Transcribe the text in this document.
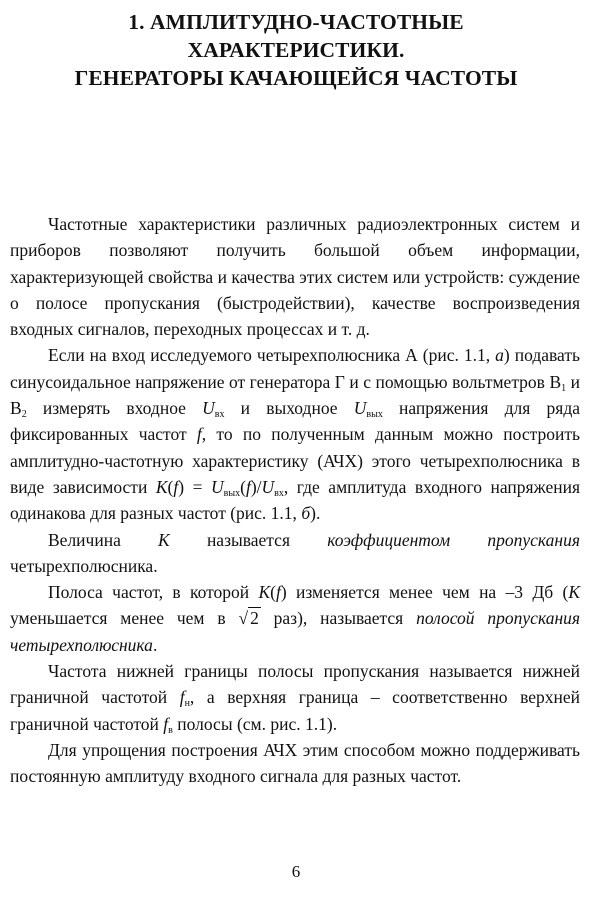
1. АМПЛИТУДНО-ЧАСТОТНЫЕ
ХАРАКТЕРИСТИКИ.
ГЕНЕРАТОРЫ КАЧАЮЩЕЙСЯ ЧАСТОТЫ

Частотные характеристики различных радиоэлектронных систем и приборов позволяют получить большой объем информации, характеризующей свойства и качества этих систем или устройств: суждение о полосе пропускания (быстродействии), качестве воспроизведения входных сигналов, переходных процессах и т. д.

Если на вход исследуемого четырехполюсника А (рис. 1.1, а) подавать синусоидальное напряжение от генератора Г и с помощью вольтметров $В_1$ и $В_2$ измерять входное $U_{вх}$ и выходное $U_{вых}$ напряжения для ряда фиксированных частот f, то по полученным данным можно построить амплитудно-частотную характеристику (АЧХ) этого четырехполюсника в виде зависимости $K(f) = U_{вых}(f)/U_{вх}$, где амплитуда входного напряжения одинакова для разных частот (рис. 1.1, б).

Величина K называется коэффициентом пропускания четырехполюсника.

Полоса частот, в которой K(f) изменяется менее чем на –3 Дб (K уменьшается менее чем в √ 2 раз), называется полосой пропускания четырехполюсника.

Частота нижней границы полосы пропускания называется нижней граничной частотой $f_н$, а верхняя граница – соответственно верхней граничной частотой $f_в$ полосы (см. рис. 1.1).

Для упрощения построения АЧХ этим способом можно поддерживать постоянную амплитуду входного сигнала для разных частот.

6
